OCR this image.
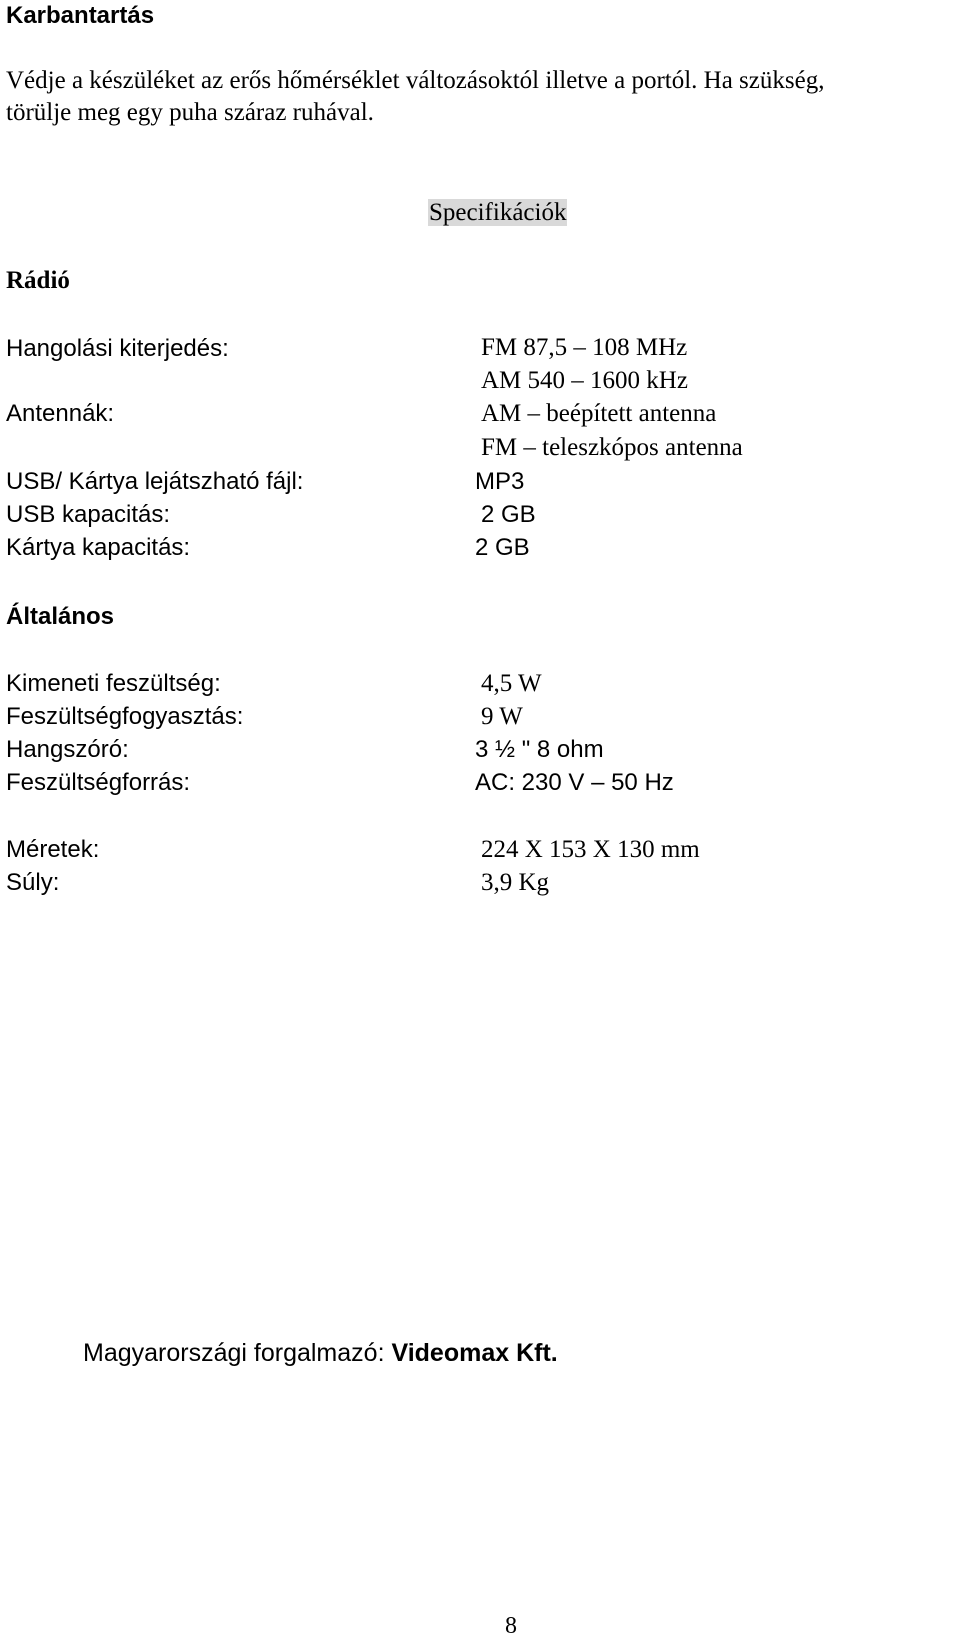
Karbantartás
Védje a készüléket az erős hőmérséklet változásoktól illetve a portól. Ha szükség,
törülje meg egy puha száraz ruhával.
Specifikációk
Rádió
Hangolási kiterjedés:	FM 87,5 – 108 MHz
AM 540 – 1600 kHz
Antennák:	AM – beépített antenna
FM – teleszkópos antenna
USB/ Kártya lejátszható fájl:	MP3
USB kapacitás:	2 GB
Kártya kapacitás:	2 GB
Általános
Kimeneti feszültség:	4,5 W
Feszültségfogyasztás:	9 W
Hangszóró:	3 ½ " 8 ohm
Feszültségforrás:	AC: 230 V – 50 Hz
Méretek:	224 X 153 X 130 mm
Súly:	3,9 Kg
Magyarországi forgalmazó: Videomax Kft.
8
